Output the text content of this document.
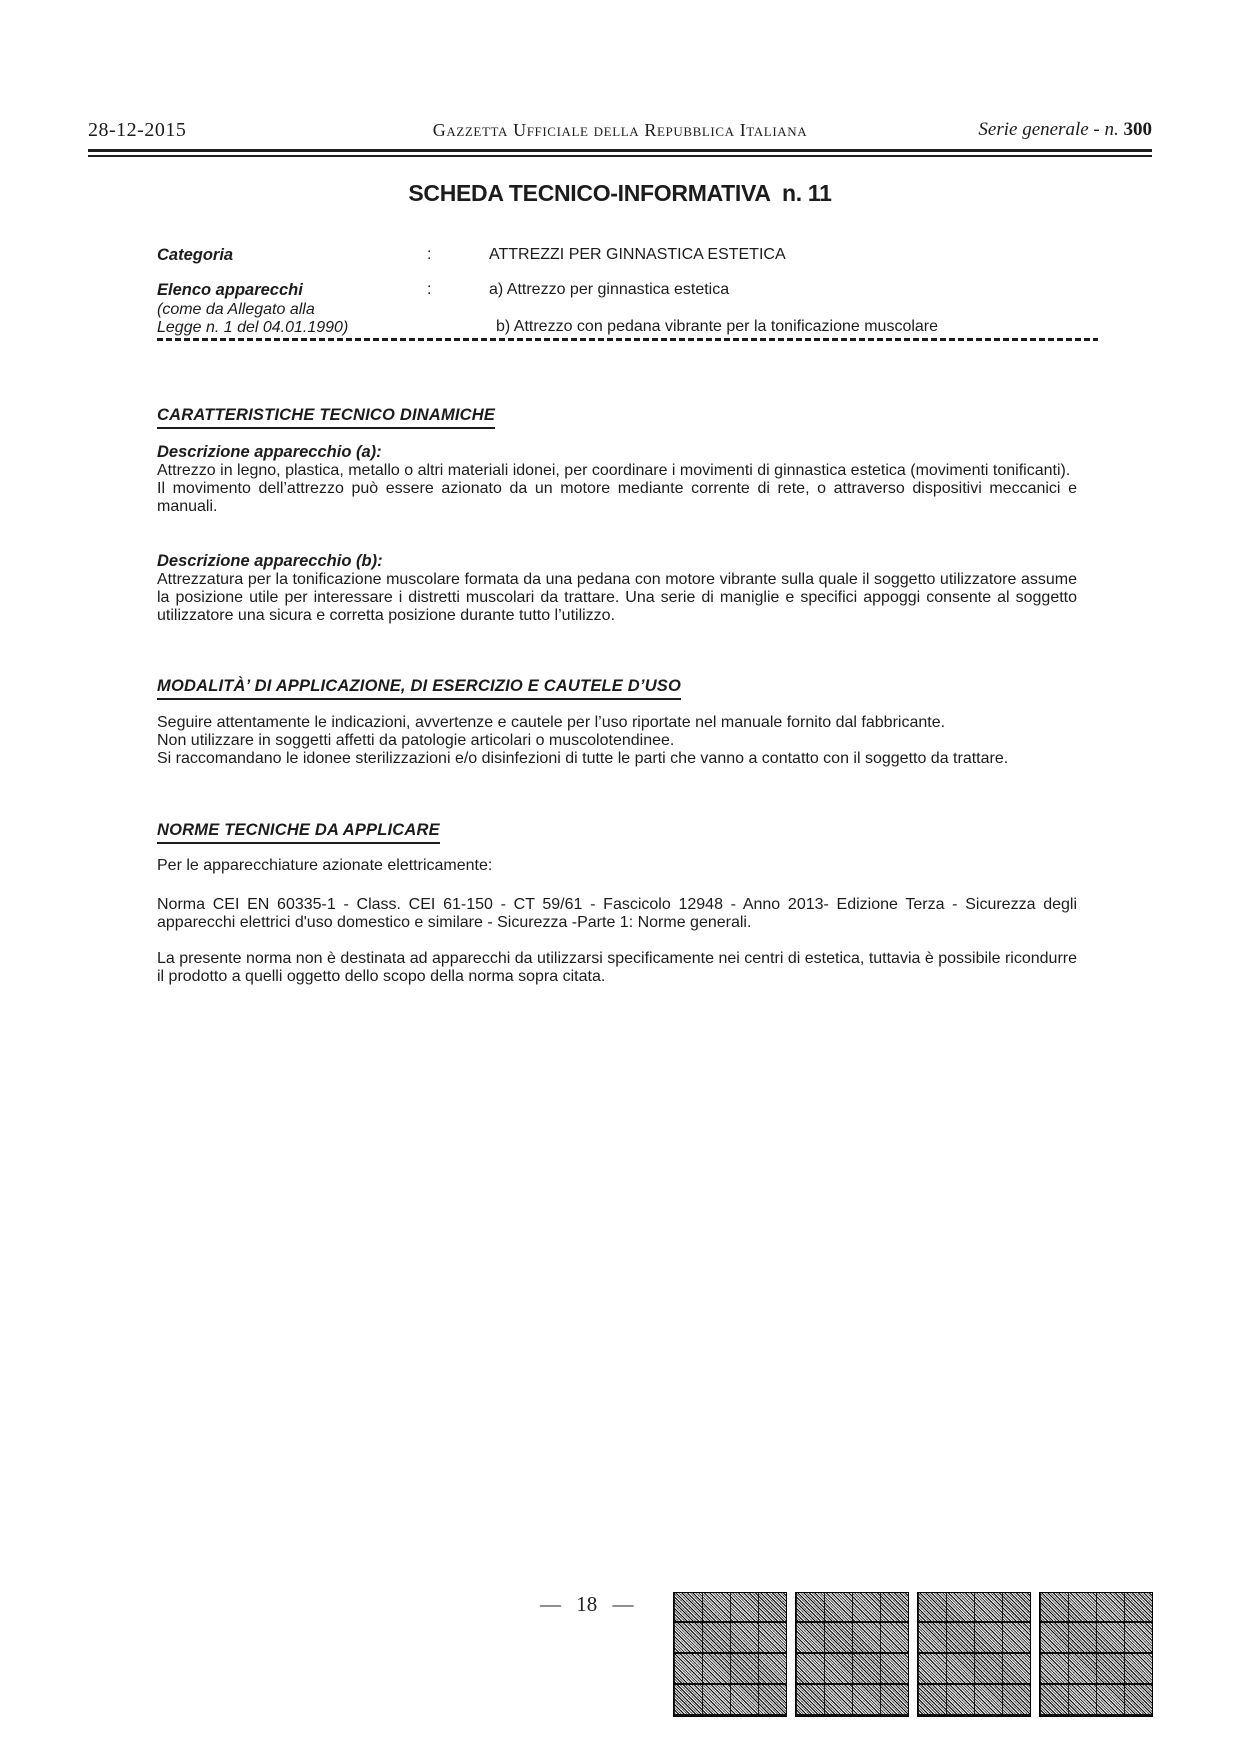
28-12-2015	Gazzetta Ufficiale della Repubblica Italiana	Serie generale - n. 300
SCHEDA TECNICO-INFORMATIVA  n. 11
Categoria	:	ATTREZZI PER GINNASTICA ESTETICA
Elenco apparecchi
(come da Allegato alla
Legge n. 1 del 04.01.1990)
:	a) Attrezzo per ginnastica estetica
b) Attrezzo con pedana vibrante per la tonificazione muscolare
CARATTERISTICHE TECNICO DINAMICHE
Descrizione apparecchio (a):

Attrezzo in legno, plastica, metallo o altri materiali idonei, per coordinare i movimenti di ginnastica estetica (movimenti tonificanti).

Il movimento dell’attrezzo può essere azionato da un motore mediante corrente di rete, o attraverso dispositivi meccanici e manuali.

Descrizione apparecchio (b):

Attrezzatura per la tonificazione muscolare formata da una pedana con motore vibrante sulla quale il soggetto utilizzatore assume la posizione utile per interessare i distretti muscolari da trattare. Una serie di maniglie e specifici appoggi consente al soggetto utilizzatore una sicura e corretta posizione durante tutto l’utilizzo.

MODALITÀ’ DI APPLICAZIONE, DI ESERCIZIO E CAUTELE D’USO
Seguire attentamente le indicazioni, avvertenze e cautele per l’uso riportate nel manuale fornito dal fabbricante.
Non utilizzare in soggetti affetti da patologie articolari o muscolotendinee.
Si raccomandano le idonee sterilizzazioni e/o disinfezioni di tutte le parti che vanno a contatto con il soggetto da trattare.
NORME TECNICHE DA APPLICARE
Per le apparecchiature azionate elettricamente:

Norma CEI EN 60335-1 - Class. CEI 61-150 - CT 59/61 - Fascicolo 12948 - Anno 2013- Edizione Terza - Sicurezza degli apparecchi elettrici d'uso domestico e similare - Sicurezza -Parte 1: Norme generali.

La presente norma non è destinata ad apparecchi da utilizzarsi specificamente nei centri di estetica, tuttavia è possibile ricondurre il prodotto a quelli oggetto dello scopo della norma sopra citata.

— 18 —
